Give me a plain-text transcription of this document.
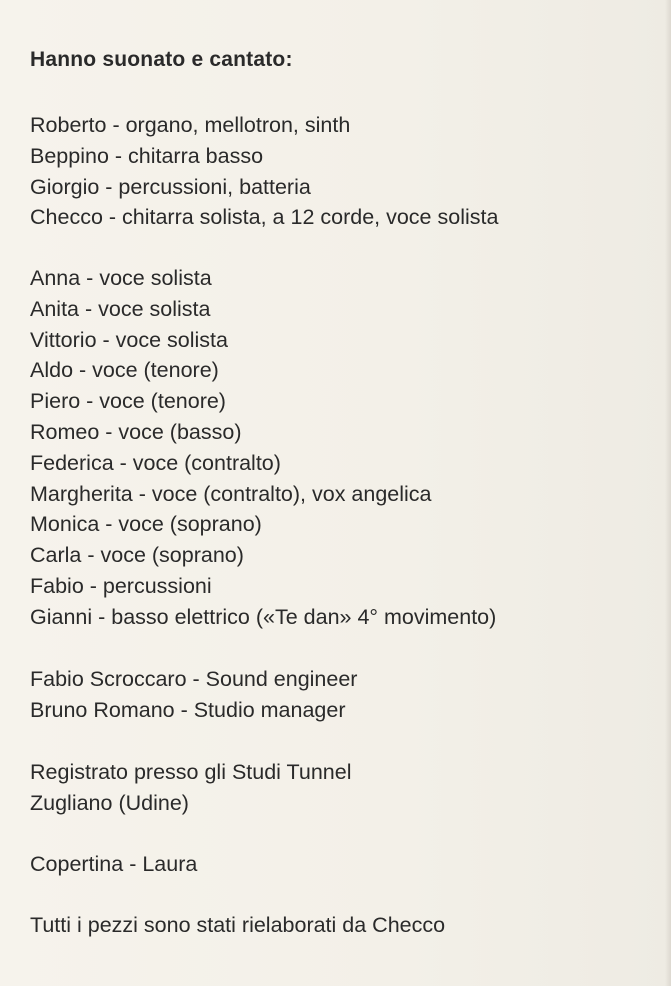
Hanno suonato e cantato:
Roberto - organo, mellotron, sinth
Beppino - chitarra basso
Giorgio - percussioni, batteria
Checco - chitarra solista, a 12 corde, voce solista
Anna - voce solista
Anita - voce solista
Vittorio - voce solista
Aldo - voce (tenore)
Piero - voce (tenore)
Romeo - voce (basso)
Federica - voce (contralto)
Margherita - voce (contralto), vox angelica
Monica - voce (soprano)
Carla - voce (soprano)
Fabio - percussioni
Gianni - basso elettrico («Te dan» 4° movimento)
Fabio Scroccaro - Sound engineer
Bruno Romano - Studio manager
Registrato presso gli Studi Tunnel
Zugliano (Udine)
Copertina - Laura
Tutti i pezzi sono stati rielaborati da Checco
